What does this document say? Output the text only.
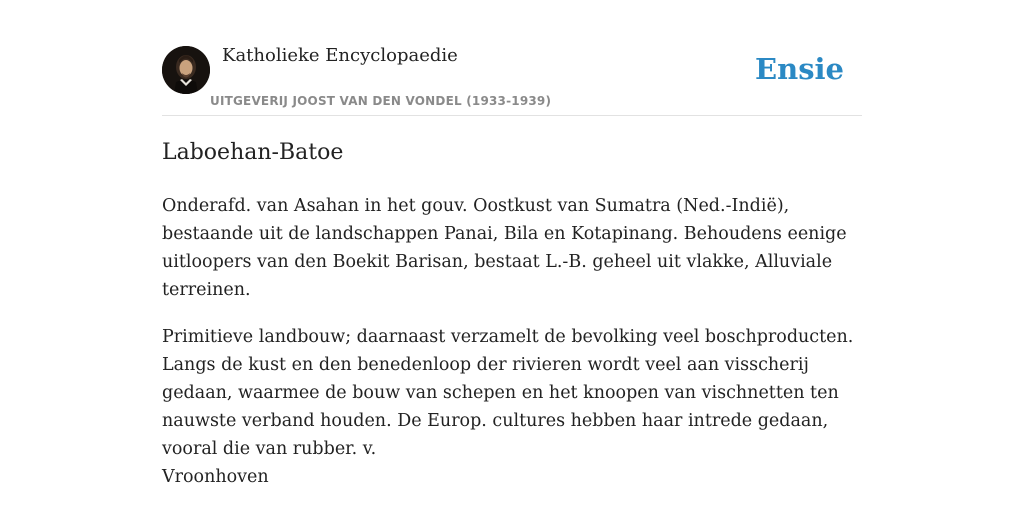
Katholieke Encyclopaedie
UITGEVERIJ JOOST VAN DEN VONDEL (1933-1939)
Ensie
Laboehan-Batoe

Onderafd. van Asahan in het gouv. Oostkust van Sumatra (Ned.-Indië), bestaande uit de landschappen Panai, Bila en Kotapinang. Behoudens eenige uitloopers van den Boekit Barisan, bestaat L.-B. geheel uit vlakke, Alluviale terreinen.

Primitieve landbouw; daarnaast verzamelt de bevolking veel boschproducten. Langs de kust en den benedenloop der rivieren wordt veel aan visscherij gedaan, waarmee de bouw van schepen en het knoopen van vischnetten ten nauwste verband houden. De Europ. cultures hebben haar intrede gedaan, vooral die van rubber. v.

Vroonhoven
